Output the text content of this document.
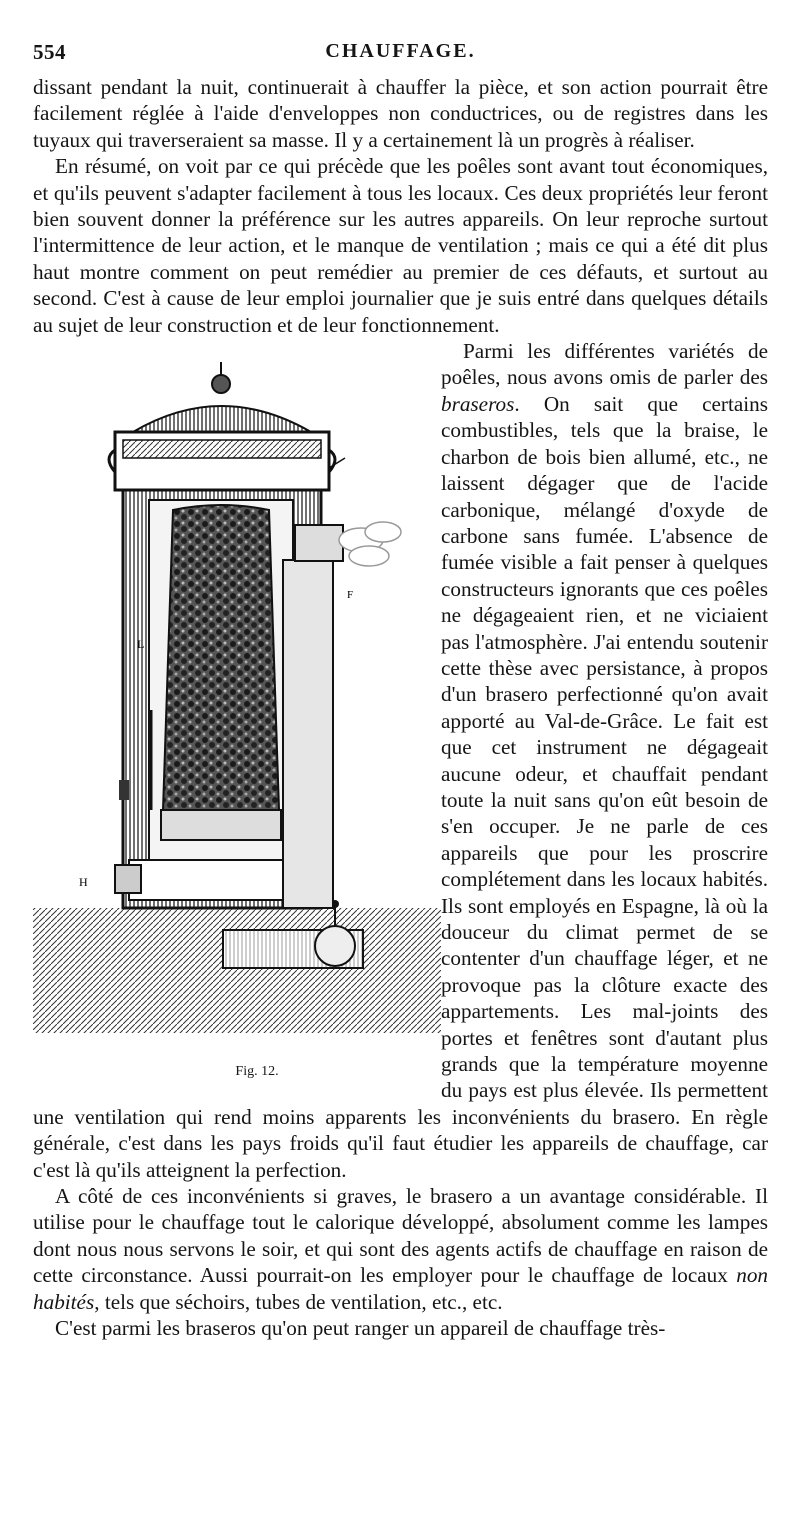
554	CHAUFFAGE.

dissant pendant la nuit, continuerait à chauffer la pièce, et son action pourrait être facilement réglée à l'aide d'enveloppes non conductrices, ou de registres dans les tuyaux qui traverseraient sa masse. Il y a certainement là un progrès à réaliser.

En résumé, on voit par ce qui précède que les poêles sont avant tout économiques, et qu'ils peuvent s'adapter facilement à tous les locaux. Ces deux propriétés leur feront bien souvent donner la préférence sur les autres appareils. On leur reproche surtout l'intermittence de leur action, et le manque de ventilation ; mais ce qui a été dit plus haut montre comment on peut remédier au premier de ces défauts, et surtout au second. C'est à cause de leur emploi journalier que je suis entré dans quelques détails au sujet de leur construction et de leur fonctionnement.

F
L
H
Fig. 12.

Parmi les différentes variétés de poêles, nous avons omis de parler des braseros. On sait que certains combustibles, tels que la braise, le charbon de bois bien allumé, etc., ne laissent dégager que de l'acide carbonique, mélangé d'oxyde de carbone sans fumée. L'absence de fumée visible a fait penser à quelques constructeurs ignorants que ces poêles ne dégageaient rien, et ne viciaient pas l'atmosphère. J'ai entendu soutenir cette thèse avec persistance, à propos d'un brasero perfectionné qu'on avait apporté au Val-de-Grâce. Le fait est que cet instrument ne dégageait aucune odeur, et chauffait pendant toute la nuit sans qu'on eût besoin de s'en occuper. Je ne parle de ces appareils que pour les proscrire complétement dans les locaux habités. Ils sont employés en Espagne, là où la douceur du climat permet de se contenter d'un chauffage léger, et ne provoque pas la clôture exacte des appartements. Les mal-joints des portes et fenêtres sont d'autant plus grands que la température moyenne du pays est plus élevée. Ils permettent une ventilation qui rend moins apparents les inconvénients du brasero. En règle générale, c'est dans les pays froids qu'il faut étudier les appareils de chauffage, car c'est là qu'ils atteignent la perfection.

A côté de ces inconvénients si graves, le brasero a un avantage considérable. Il utilise pour le chauffage tout le calorique développé, absolument comme les lampes dont nous nous servons le soir, et qui sont des agents actifs de chauffage en raison de cette circonstance. Aussi pourrait-on les employer pour le chauffage de locaux non habités, tels que séchoirs, tubes de ventilation, etc., etc.

C'est parmi les braseros qu'on peut ranger un appareil de chauffage très-
